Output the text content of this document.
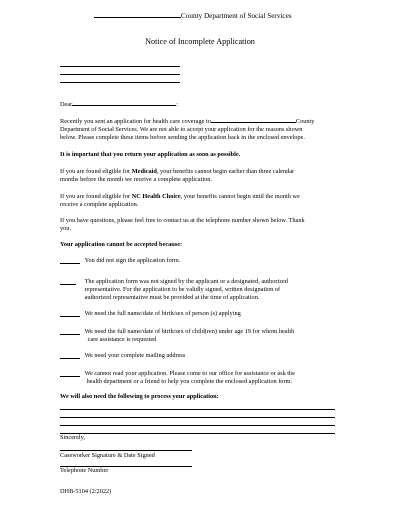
County Department of Social Services
Notice of Incomplete Application
Dear	:
Recently you sent an application for health care coverage to	County
Department of Social Services. We are not able to accept your application for the reasons shown
below. Please complete these items before sending the application back in the enclosed envelope.
It is important that you return your application as soon as possible.
If you are found eligible for Medicaid, your benefits cannot begin earlier than three calendar
months before the month we receive a complete application.
If you are found eligible for NC Health Choice, your benefits cannot begin until the month we
receive a complete application.
If you have questions, please feel free to contact us at the telephone number shown below. Thank
you.
Your application cannot be accepted because:

You did not sign the application form.

The application form was not signed by the applicant or a designated, authorized
representative. For the application to be validly signed, written designation of
authorized representative must be provided at the time of application.

We need the full name/date of birth/sex of person (s) applying

We need the full name/date of birth/sex of child(ren) under age 19 for whom health
care assistance is requested

We need your complete mailing address

We cannot read your application. Please come to our office for assistance or ask the
health department or a friend to help you complete the enclosed application form.
We will also need the following to process your application:
Sincerely,
Caseworker Signature & Date Signed
Telephone Number
DHB-5104 (2/2022)
